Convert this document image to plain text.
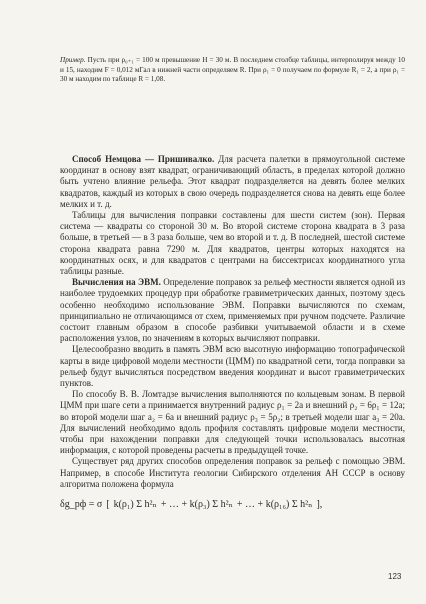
Пример. Пусть при ρ₀₊₁ = 100 м превышение H = 30 м. В последнем столбце таблицы, интерполируя между 10 и 15, находим F = 0,012 мГал в нижней части определяем R. При ρ₁ = 0 получаем по формуле R₁ = 2, а при ρ₁ = 30 м находим по таблице R = 1,08.

Способ Немцова — Пришивалко. Для расчета палетки в прямоугольной системе координат в основу взят квадрат, ограничивающий область, в пределах которой должно быть учтено влияние рельефа. Этот квадрат подразделяется на девять более мелких квадратов, каждый из которых в свою очередь подразделяется снова на девять еще более мелких и т. д.

Таблицы для вычисления поправки составлены для шести систем (зон). Первая система — квадраты со стороной 30 м. Во второй системе сторона квадрата в 3 раза больше, в третьей — в 3 раза больше, чем во второй и т. д. В последней, шестой системе сторона квадрата равна 7290 м. Для квадратов, центры которых находятся на координатных осях, и для квадратов с центрами на биссектрисах координатного угла таблицы разные.

Вычисления на ЭВМ. Определение поправок за рельеф местности является одной из наиболее трудоемких процедур при обработке гравиметрических данных, поэтому здесь особенно необходимо использование ЭВМ. Поправки вычисляются по схемам, принципиально не отличающимся от схем, применяемых при ручном подсчете. Различие состоит главным образом в способе разбивки учитываемой области и в схеме расположения узлов, по значениям в которых вычисляют поправки.

Целесообразно вводить в память ЭВМ всю высотную информацию топографической карты в виде цифровой модели местности (ЦММ) по квадратной сети, тогда поправки за рельеф будут вычисляться посредством введения координат и высот гравиметрических пунктов.

По способу В. В. Ломтадзе вычисления выполняются по кольцевым зонам. В первой ЦММ при шаге сети a принимается внутренний радиус ρ₁ = 2a и внешний ρ₂ = 6ρ₁ = 12a; во второй модели шаг a₂ = 6a и внешний радиус ρ₃ = 5ρ₂; в третьей модели шаг a₃ = 20a. Для вычислений необходимо вдоль профиля составлять цифровые модели местности, чтобы при нахождении поправки для следующей точки использовалась высотная информация, с которой проведены расчеты в предыдущей точке.

Существует ряд других способов определения поправок за рельеф с помощью ЭВМ. Например, в способе Института геологии Сибирского отделения АН СССР в основу алгоритма положена формула

δg_рф = σ [ k(ρ₁) Σ h²ₙ + … + k(ρ₃) Σ h²ₙ + … + k(ρ₁₆) Σ h²ₙ ],
123
